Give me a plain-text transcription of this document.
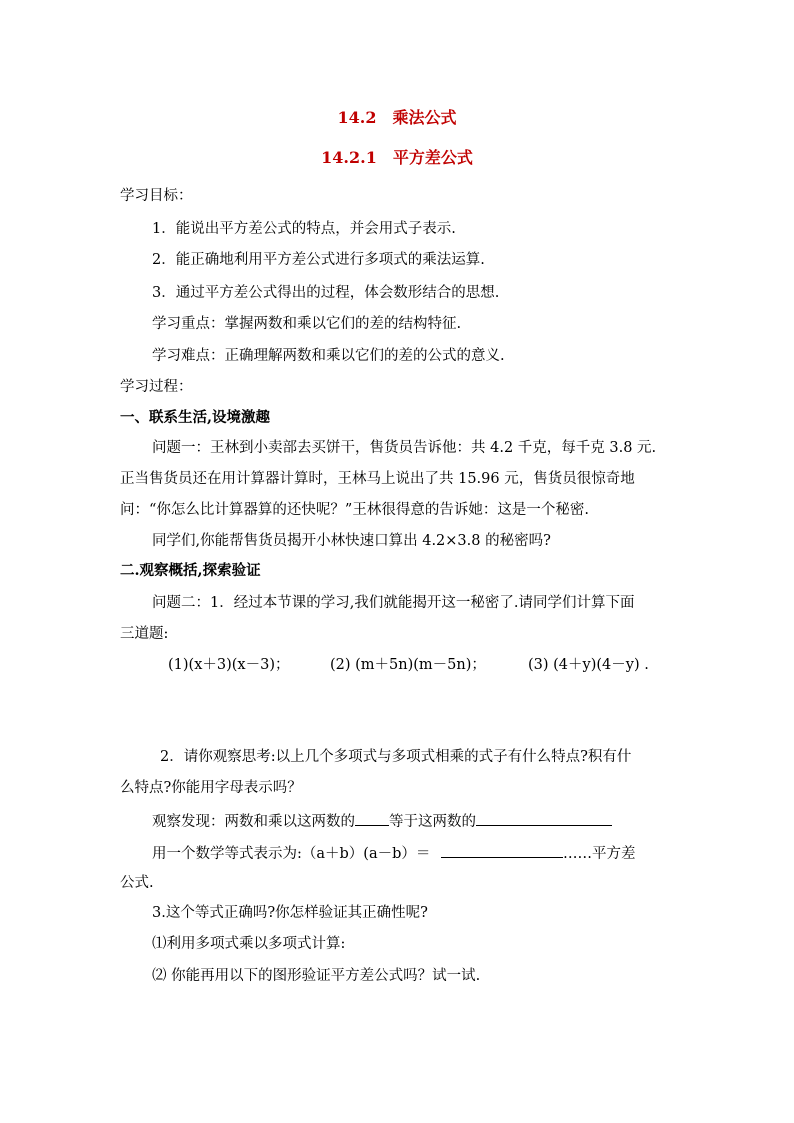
14.2　乘法公式
14.2.1　平方差公式
学习目标：
1．能说出平方差公式的特点，并会用式子表示.
2．能正确地利用平方差公式进行多项式的乘法运算.
3．通过平方差公式得出的过程，体会数形结合的思想.
学习重点：掌握两数和乘以它们的差的结构特征.
学习难点：正确理解两数和乘以它们的差的公式的意义.
学习过程：
一、联系生活,设境激趣
问题一：王林到小卖部去买饼干，售货员告诉他：共 4.2 千克，每千克 3.8 元.
正当售货员还在用计算器计算时，王林马上说出了共 15.96 元，售货员很惊奇地
问：“你怎么比计算器算的还快呢？”王林很得意的告诉她：这是一个秘密.
同学们,你能帮售货员揭开小林快速口算出 4.2×3.8 的秘密吗?
二.观察概括,探索验证
问题二：1．经过本节课的学习,我们就能揭开这一秘密了.请同学们计算下面
三道题:
(1)(x＋3)(x－3)；	(2) (m＋5n)(m－5n)；	(3) (4＋y)(4－y) .
2．请你观察思考:以上几个多项式与多项式相乘的式子有什么特点?积有什
么特点?你能用字母表示吗？
观察发现：两数和乘以这两数的 等于这两数的
用一个数学等式表示为:（a＋b）(a－b）＝	……平方差
公式.
3.这个等式正确吗?你怎样验证其正确性呢?
⑴利用多项式乘以多项式计算:
⑵ 你能再用以下的图形验证平方差公式吗？试一试.
